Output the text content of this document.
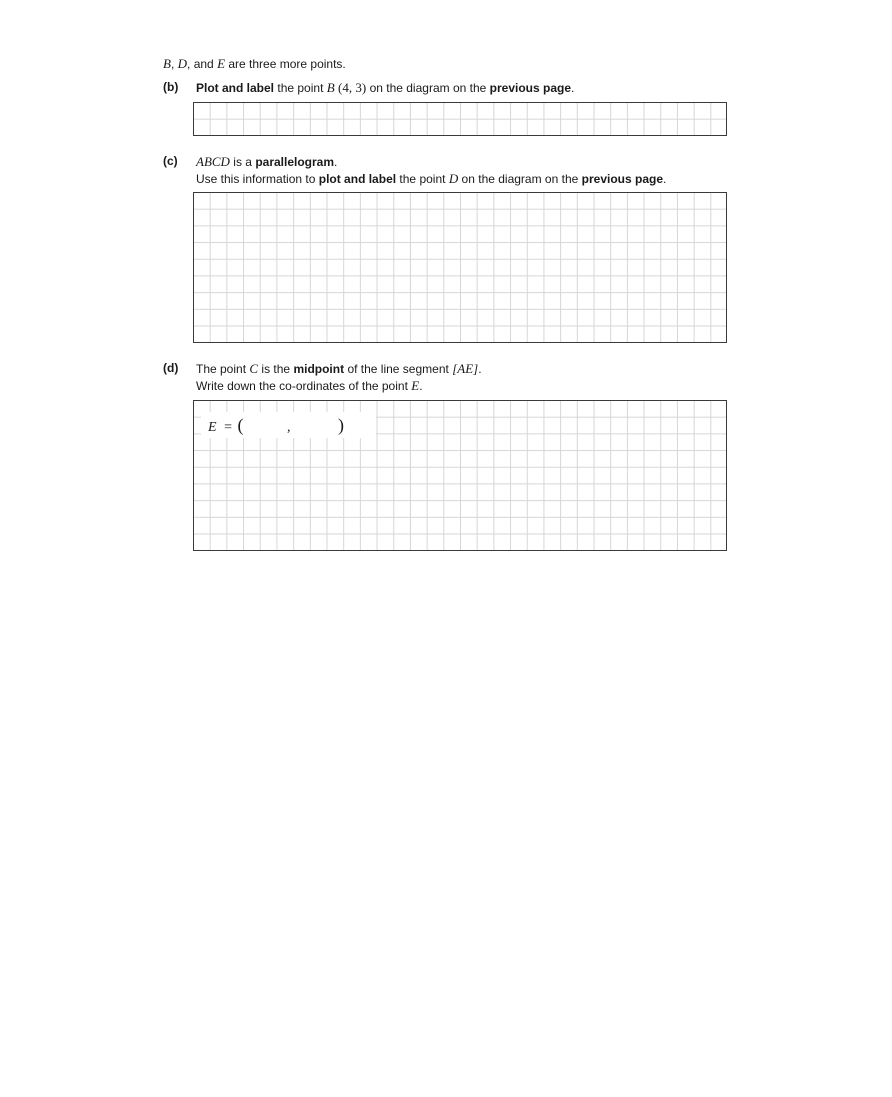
B, D, and E are three more points.
(b) Plot and label the point B (4, 3) on the diagram on the previous page.
(c) ABCD is a parallelogram.
Use this information to plot and label the point D on the diagram on the previous page.
(d) The point C is the midpoint of the line segment [AE].
Write down the co-ordinates of the point E.
E = (	,	)
